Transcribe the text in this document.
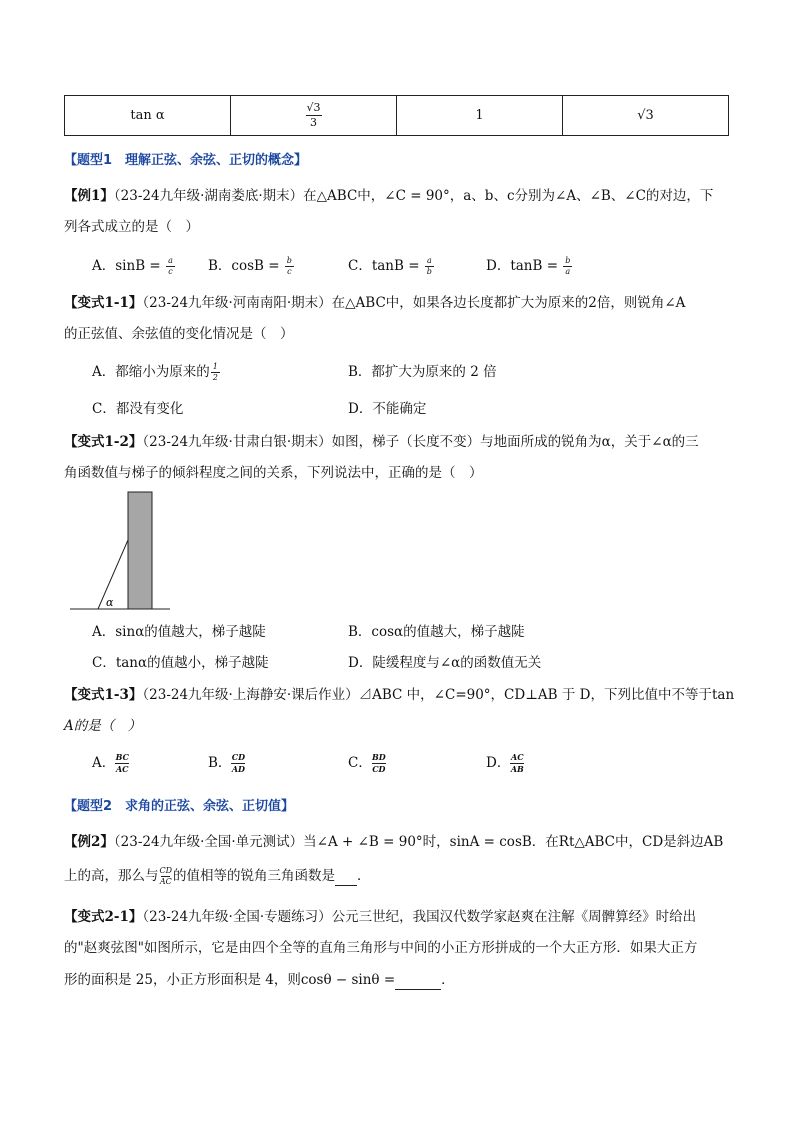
tan α	$\frac{√3}{3}$	1	√3
【题型1　理解正弦、余弦、正切的概念】
【例1】（23-24九年级·湖南娄底·期末）在△ABC中，∠C = 90°，a、b、c分别为∠A、∠B、∠C的对边，下
列各式成立的是（　）
A．$\sin B = \frac{a}{c}$ B．$\cos B = \frac{b}{c}$	C．$\tan B = \frac{a}{b}$	D．$\tan B = \frac{b}{a}$
【变式1-1】（23-24九年级·河南南阳·期末）在△ABC中，如果各边长度都扩大为原来的2倍，则锐角∠A
的正弦值、余弦值的变化情况是（　）
A．都缩小为原来的 $\frac{1}{2}$	B．都扩大为原来的 2 倍
C．都没有变化	D．不能确定
【变式1-2】（23-24九年级·甘肃白银·期末）如图，梯子（长度不变）与地面所成的锐角为α，关于∠α的三
角函数值与梯子的倾斜程度之间的关系，下列说法中，正确的是（　）
α
A．sinα的值越大，梯子越陡	B．cosα的值越大，梯子越陡
C．tanα的值越小，梯子越陡	D．陡缓程度与∠α的函数值无关
【变式1-3】（23-24九年级·上海静安·课后作业）⊿ABC 中，∠C=90°，CD⊥AB 于 D，下列比值中不等于tan
A的是（　）
A． $\frac{BC}{AC}$	B． $\frac{CD}{AD}$	C． $\frac{BD}{CD}$	D． $\frac{AC}{AB}$
【题型2　求角的正弦、余弦、正切值】
【例2】（23-24九年级·全国·单元测试）当∠A + ∠B = 90°时，sinA = cosB．在Rt△ABC中，CD是斜边AB
上的高，那么与 $\frac{CD}{AC}$ 的值相等的锐角三角函数是 ．
【变式2-1】（23-24九年级·全国·专题练习）公元三世纪，我国汉代数学家赵爽在注解《周髀算经》时给出
的"赵爽弦图"如图所示，它是由四个全等的直角三角形与中间的小正方形拼成的一个大正方形．如果大正方
形的面积是 25，小正方形面积是 4，则cosθ − sinθ =	．
